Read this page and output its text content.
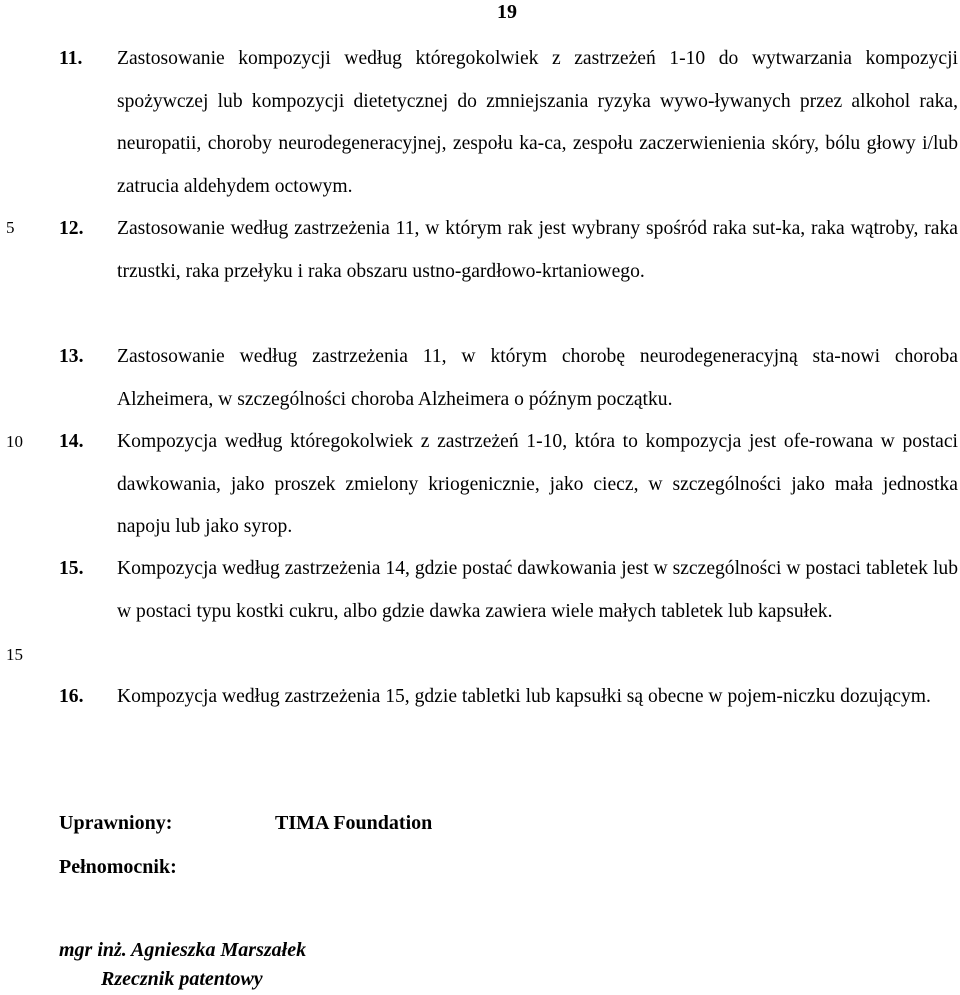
19
5
10
15
11. Zastosowanie kompozycji według któregokolwiek z zastrzeżeń 1-10 do wytwarzania kompozycji spożywczej lub kompozycji dietetycznej do zmniejszania ryzyka wywo-ływanych przez alkohol raka, neuropatii, choroby neurodegeneracyjnej, zespołu ka-ca, zespołu zaczerwienienia skóry, bólu głowy i/lub zatrucia aldehydem octowym.
12. Zastosowanie według zastrzeżenia 11, w którym rak jest wybrany spośród raka sut-ka, raka wątroby, raka trzustki, raka przełyku i raka obszaru ustno-gardłowo-krtaniowego.
13. Zastosowanie według zastrzeżenia 11, w którym chorobę neurodegeneracyjną sta-nowi choroba Alzheimera, w szczególności choroba Alzheimera o późnym początku.
14. Kompozycja według któregokolwiek z zastrzeżeń 1-10, która to kompozycja jest ofe-rowana w postaci dawkowania, jako proszek zmielony kriogenicznie, jako ciecz, w szczególności jako mała jednostka napoju lub jako syrop.
15. Kompozycja według zastrzeżenia 14, gdzie postać dawkowania jest w szczególności w postaci tabletek lub w postaci typu kostki cukru, albo gdzie dawka zawiera wiele małych tabletek lub kapsułek.
16. Kompozycja według zastrzeżenia 15, gdzie tabletki lub kapsułki są obecne w pojem-niczku dozującym.
Uprawniony:	TIMA Foundation
Pełnomocnik:
mgr inż. Agnieszka Marszałek
Rzecznik patentowy
